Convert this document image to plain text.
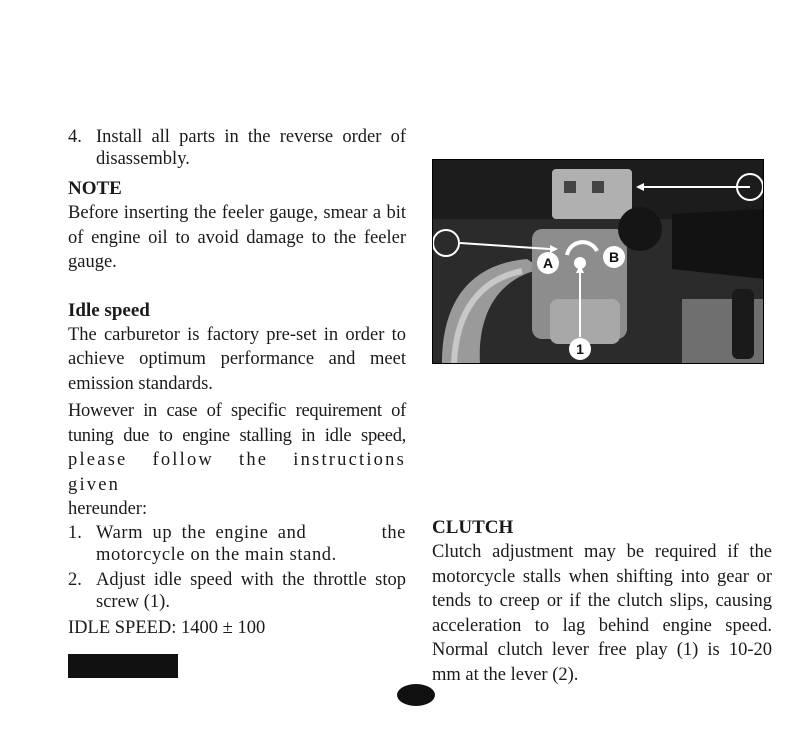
4. Install all parts in the reverse order of disassembly.

NOTE

Before inserting the feeler gauge, smear a bit of engine oil to avoid damage to the feeler gauge.

Idle speed

The carburetor is factory pre-set in order to achieve optimum performance and meet emission standards.

However in case of specific requirement of tuning due to engine stalling in idle speed,

please follow the instructions given

hereunder:

1. Warm up the engine and        the motorcycle on the main stand.
2. Adjust idle speed with the throttle stop screw (1).

IDLE SPEED: 1400 ± 100

A	B
1

CLUTCH

Clutch adjustment may be required if the motorcycle stalls when shifting into gear or tends to creep or if the clutch slips, causing acceleration to lag behind engine speed. Normal clutch lever free play (1) is 10-20 mm at the lever (2).
